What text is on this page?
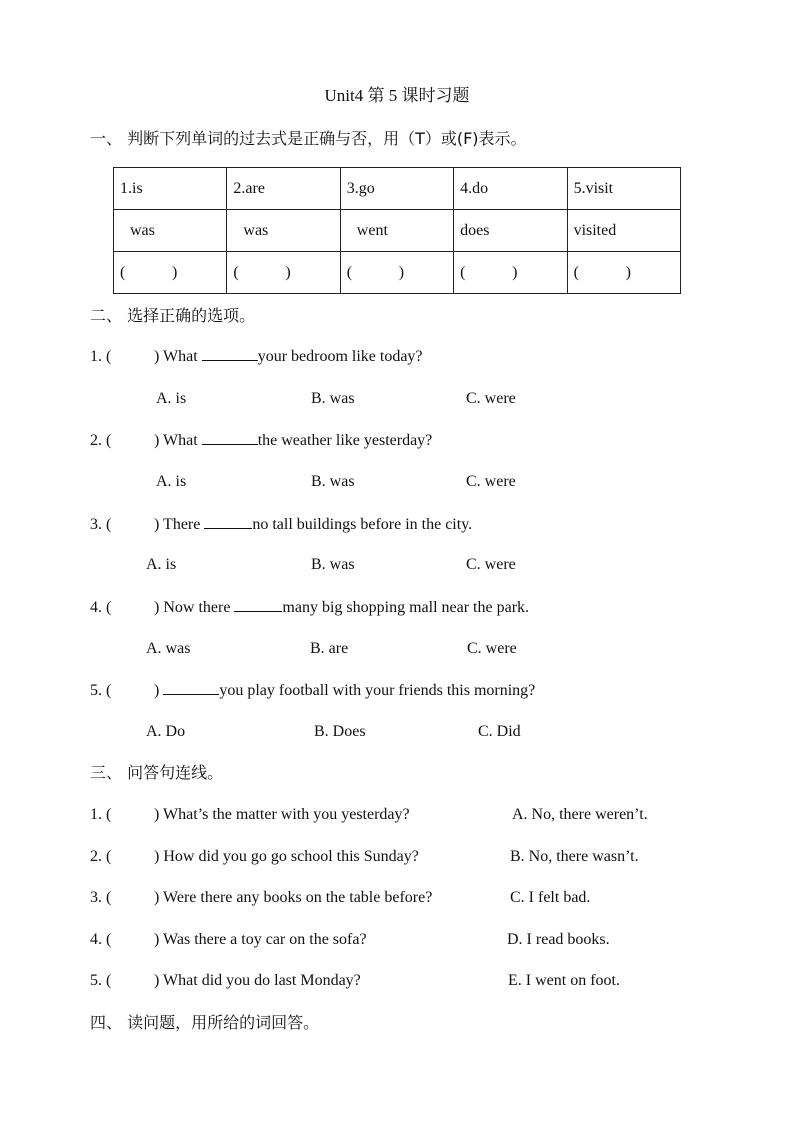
Unit4 第 5 课时习题
一、 判断下列单词的过去式是正确与否，用（T）或(F)表示。
1.is	2.are	3.go	4.do	5.visit
was	was	went	does	visited
( )	( )	( )	( )	( )
二、 选择正确的选项。
1. (	) What	your bedroom like today?
A. is	B. was	C. were
2. (	) What	the weather like yesterday?
A. is	B. was	C. were
3. (	) There	no tall buildings before in the city.
A. is	B. was	C. were
4. (	) Now there	many big shopping mall near the park.
A. was	B. are	C. were
5. (	)	you play football with your friends this morning?
A. Do	B. Does	C. Did
三、 问答句连线。
1. (	) What’s the matter with you yesterday?	A. No, there weren’t.
2. (	) How did you go go school this Sunday?	B. No, there wasn’t.
3. (	) Were there any books on the table before?	C. I felt bad.
4. (	) Was there a toy car on the sofa?	D. I read books.
5. (	) What did you do last Monday?	E. I went on foot.
四、 读问题，用所给的词回答。
